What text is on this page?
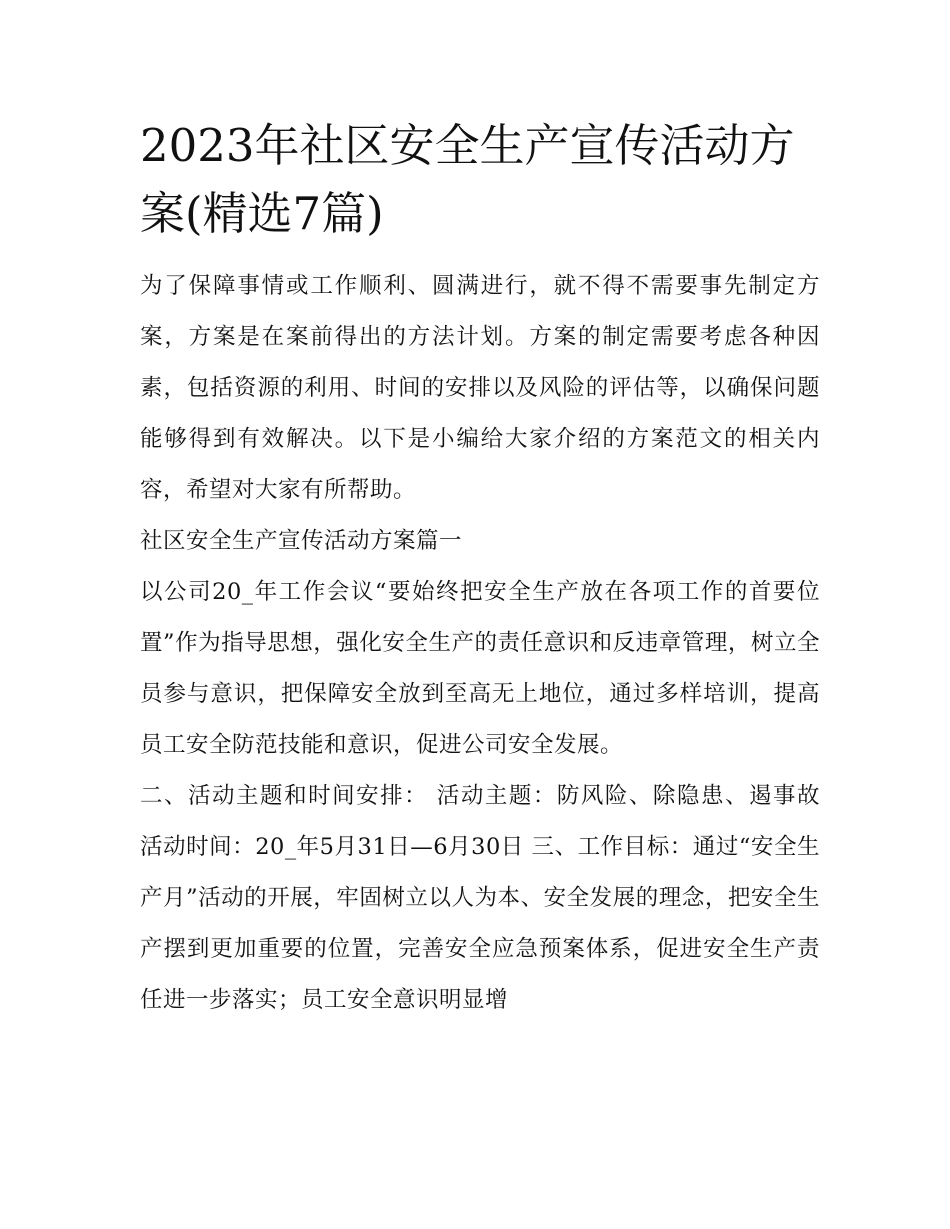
2023年社区安全生产宣传活动方案(精选7篇)

为了保障事情或工作顺利、圆满进行，就不得不需要事先制定方案，方案是在案前得出的方法计划。方案的制定需要考虑各种因素，包括资源的利用、时间的安排以及风险的评估等，以确保问题能够得到有效解决。以下是小编给大家介绍的方案范文的相关内容，希望对大家有所帮助。

社区安全生产宣传活动方案篇一

以公司20_年工作会议“要始终把安全生产放在各项工作的首要位置”作为指导思想，强化安全生产的责任意识和反违章管理，树立全员参与意识，把保障安全放到至高无上地位，通过多样培训，提高员工安全防范技能和意识，促进公司安全发展。

二、活动主题和时间安排： 活动主题：防风险、除隐患、遏事故 活动时间：20_年5月31日—6月30日 三、工作目标：通过“安全生产月”活动的开展，牢固树立以人为本、安全发展的理念，把安全生产摆到更加重要的位置，完善安全应急预案体系，促进安全生产责任进一步落实；员工安全意识明显增
